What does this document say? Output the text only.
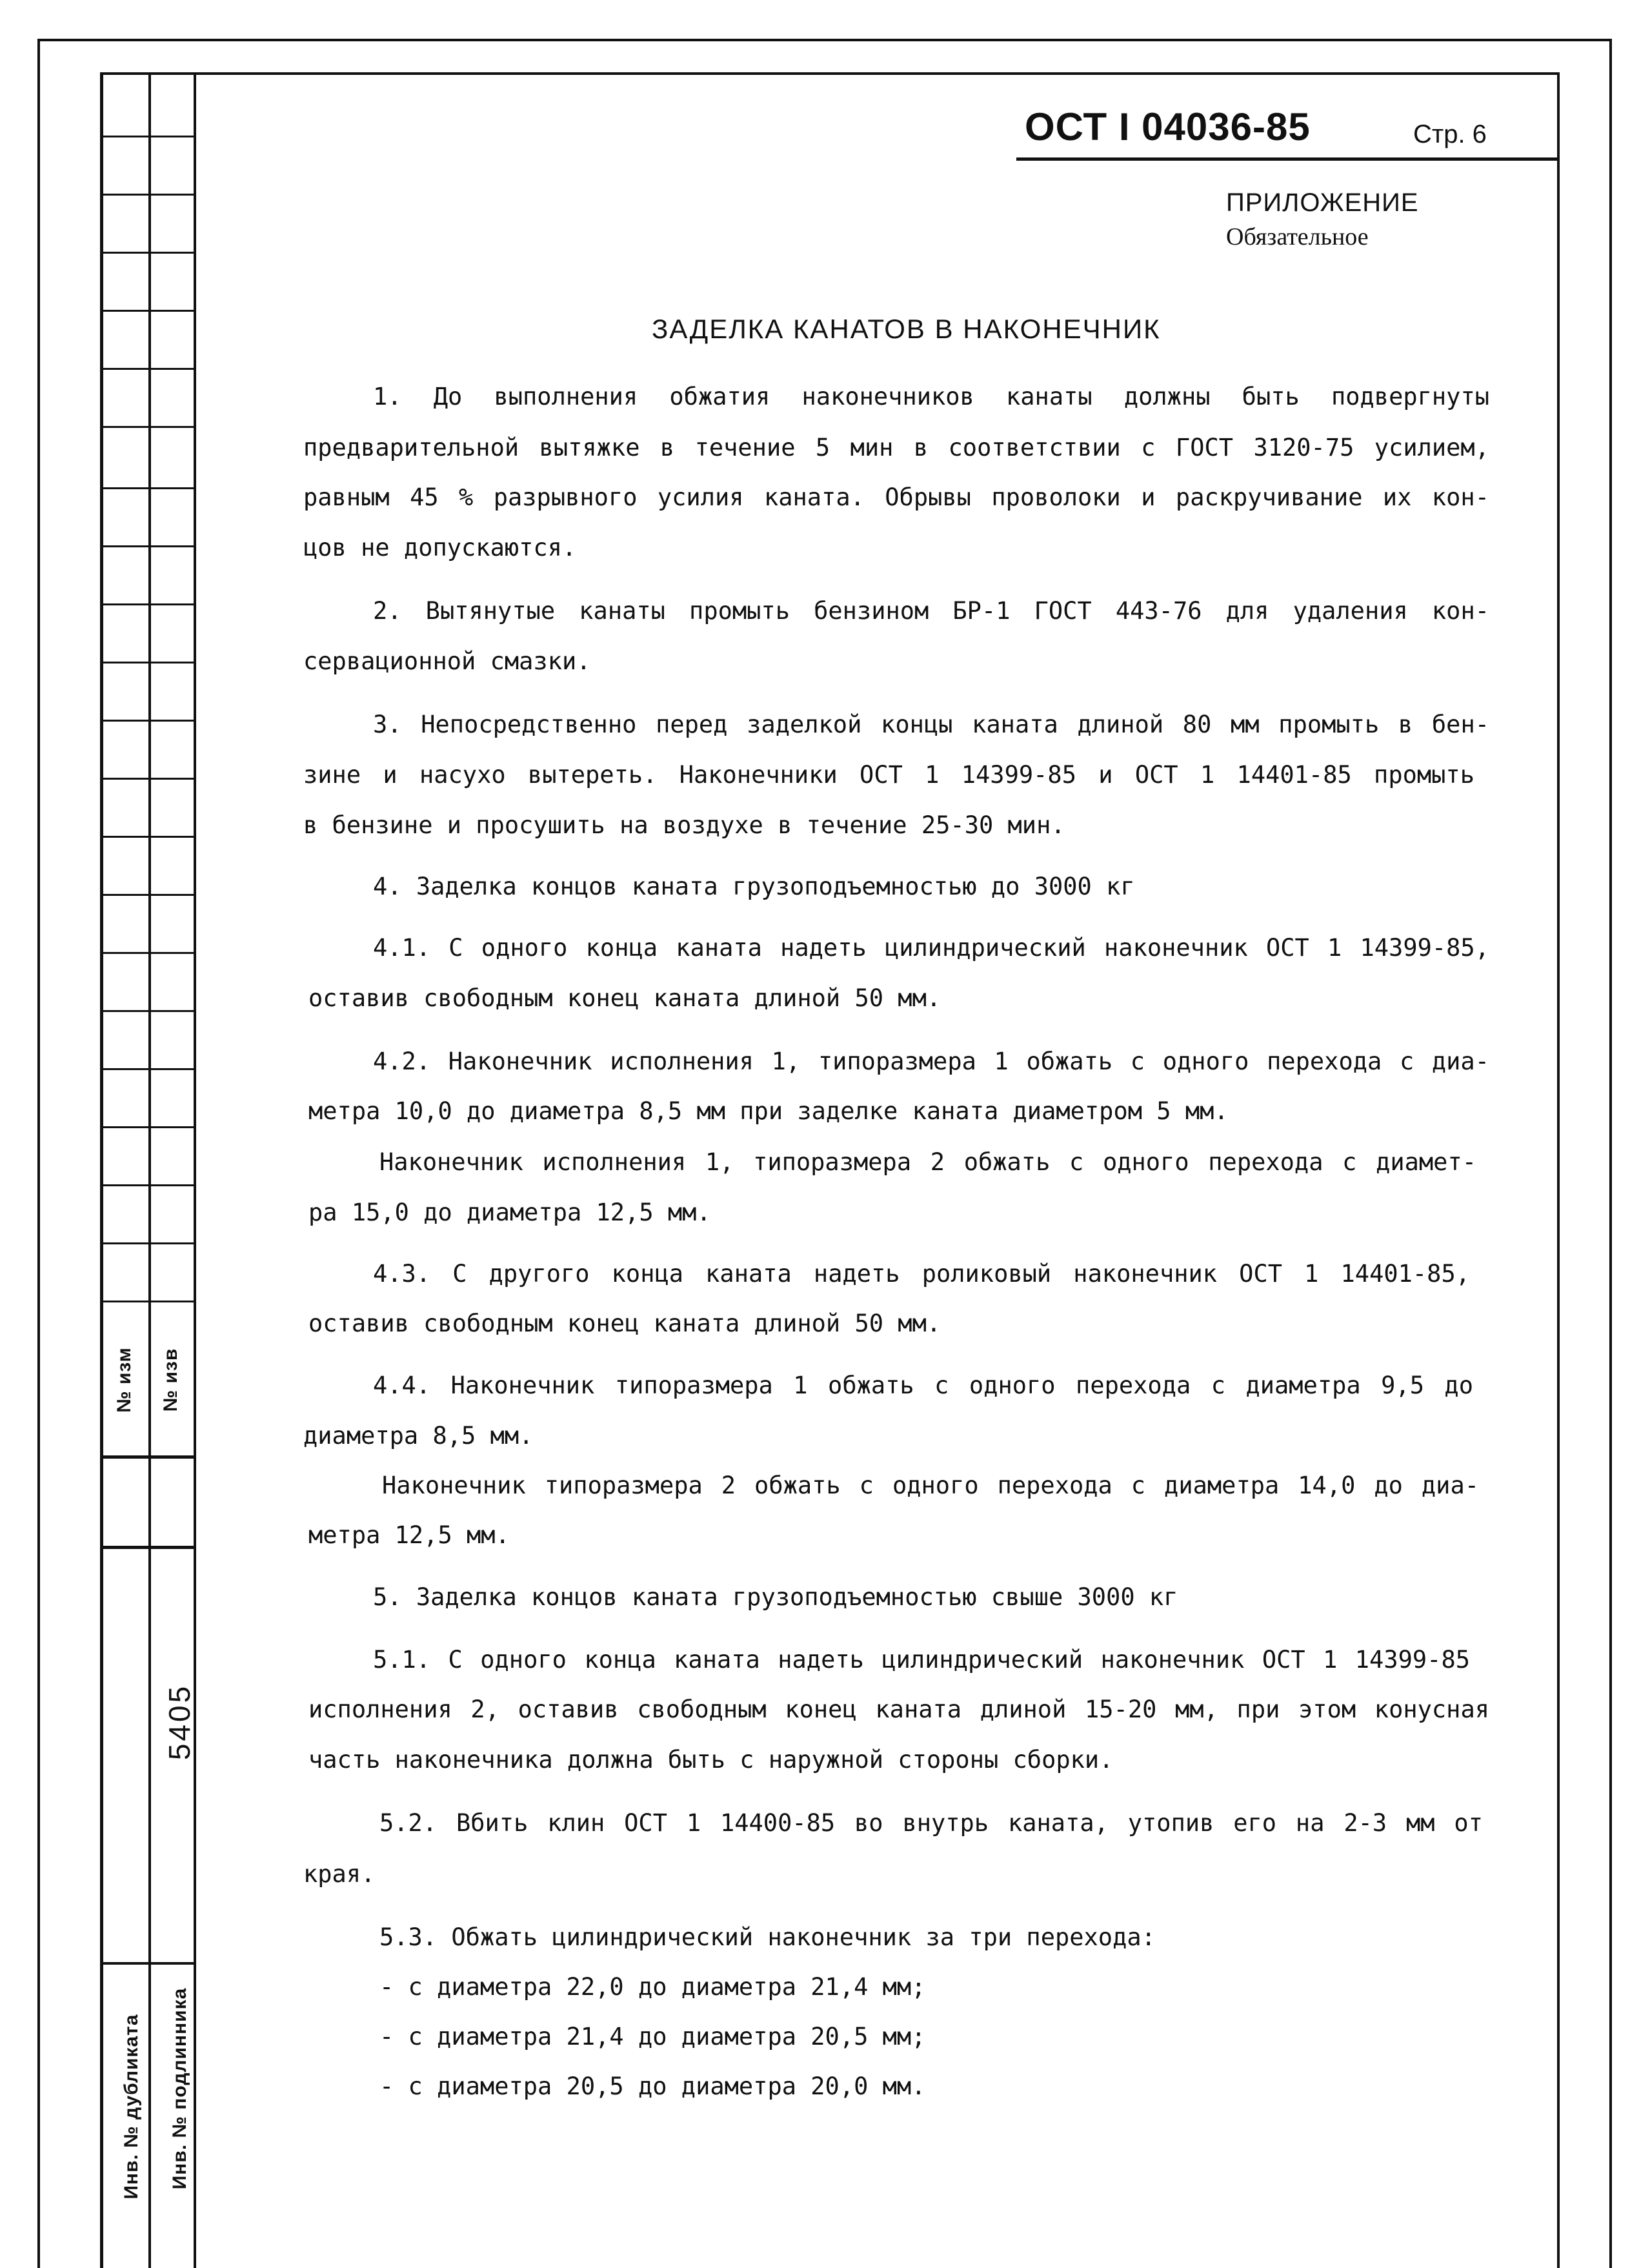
№ изм № изв
5405
Инв. № дубликата Инв. № подлинника
ОСТ I 04036-85	Стр. 6
ПРИЛОЖЕНИЕ
Обязательное
ЗАДЕЛКА КАНАТОВ В НАКОНЕЧНИК
1. До выполнения обжатия наконечников канаты должны быть подвергнуты
предварительной вытяжке в течение 5 мин в соответствии с ГОСТ 3120-75 усилием,
равным 45 % разрывного усилия каната. Обрывы проволоки и раскручивание их кон-
цов не допускаются.
2. Вытянутые канаты промыть бензином БР-1 ГОСТ 443-76 для удаления кон-
сервационной смазки.
3. Непосредственно перед заделкой концы каната длиной 80 мм промыть в бен-
зине и насухо вытереть. Наконечники ОСТ 1 14399-85 и ОСТ 1 14401-85 промыть
в бензине и просушить на воздухе в течение 25-30 мин.
4. Заделка концов каната грузоподъемностью до 3000 кг
4.1. С одного конца каната надеть цилиндрический наконечник ОСТ 1 14399-85,
оставив свободным конец каната длиной 50 мм.
4.2. Наконечник исполнения 1, типоразмера 1 обжать с одного перехода с диа-
метра 10,0 до диаметра 8,5 мм при заделке каната диаметром 5 мм.
Наконечник исполнения 1, типоразмера 2 обжать с одного перехода с диамет-
ра 15,0 до диаметра 12,5 мм.
4.3. С другого конца каната надеть роликовый наконечник ОСТ 1 14401-85,
оставив свободным конец каната длиной 50 мм.
4.4. Наконечник типоразмера 1 обжать с одного перехода с диаметра 9,5 до
диаметра 8,5 мм.
Наконечник типоразмера 2 обжать с одного перехода с диаметра 14,0 до диа-
метра 12,5 мм.
5. Заделка концов каната грузоподъемностью свыше 3000 кг
5.1. С одного конца каната надеть цилиндрический наконечник ОСТ 1 14399-85
исполнения 2, оставив свободным конец каната длиной 15-20 мм, при этом конусная
часть наконечника должна быть с наружной стороны сборки.
5.2. Вбить клин ОСТ 1 14400-85 во внутрь каната, утопив его на 2-3 мм от
края.
5.3. Обжать цилиндрический наконечник за три перехода:
- с диаметра 22,0 до диаметра 21,4 мм;
- с диаметра 21,4 до диаметра 20,5 мм;
- с диаметра 20,5 до диаметра 20,0 мм.
